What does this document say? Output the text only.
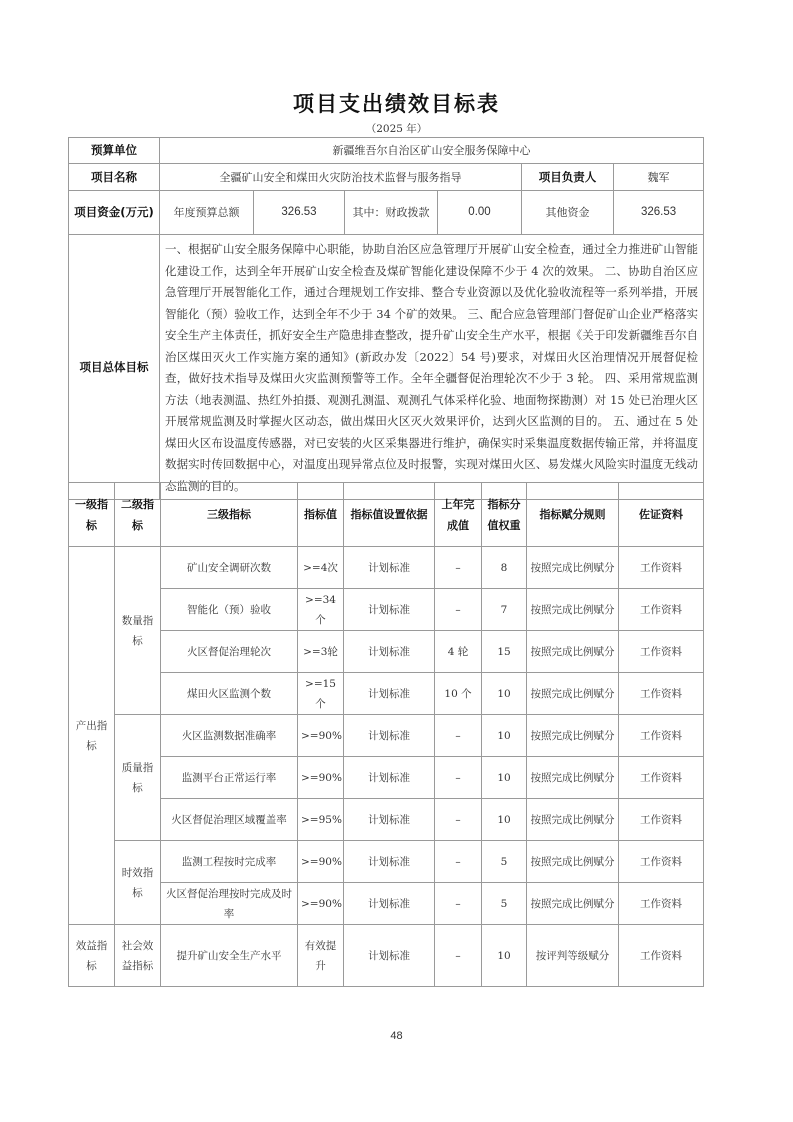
项目支出绩效目标表
（2025 年）
预算单位	新疆维吾尔自治区矿山安全服务保障中心					
项目名称	全疆矿山安全和煤田火灾防治技术监督与服务指导				项目负责人	魏军
项目资金(万元)	年度预算总额	326.53	其中：财政拨款	0.00	其他资金	326.53
项目总体目标	一、根据矿山安全服务保障中心职能，协助自治区应急管理厅开展矿山安全检查，通过全力推进矿山智能化建设工作，达到全年开展矿山安全检查及煤矿智能化建设保障不少于 4 次的效果。 二、协助自治区应急管理厅开展智能化工作，通过合理规划工作安排、整合专业资源以及优化验收流程等一系列举措，开展智能化（预）验收工作，达到全年不少于 34 个矿的效果。 三、配合应急管理部门督促矿山企业严格落实安全生产主体责任，抓好安全生产隐患排查整改，提升矿山安全生产水平，根据《关于印发新疆维吾尔自治区煤田灭火工作实施方案的通知》(新政办发〔2022〕54 号)要求，对煤田火区治理情况开展督促检查，做好技术指导及煤田火灾监测预警等工作。全年全疆督促治理轮次不少于 3 轮。 四、采用常规监测方法（地表测温、热红外拍摄、观测孔测温、观测孔气体采样化验、地面物探勘测）对 15 处已治理火区开展常规监测及时掌握火区动态，做出煤田火区灭火效果评价，达到火区监测的目的。 五、通过在 5 处煤田火区布设温度传感器，对已安装的火区采集器进行维护，确保实时采集温度数据传输正常，并将温度数据实时传回数据中心，对温度出现异常点位及时报警，实现对煤田火区、易发煤火风险实时温度无线动态监测的目的。					
一级指标	二级指标	三级指标	指标值	指标值设置依据	上年完成值	指标分值权重	指标赋分规则	佐证资料
产出指标	数量指标	矿山安全调研次数	>=4次	计划标准	–	8	按照完成比例赋分	工作资料
		智能化（预）验收	>=34个	计划标准	–	7	按照完成比例赋分	工作资料
		火区督促治理轮次	>=3轮	计划标准	4 轮	15	按照完成比例赋分	工作资料
		煤田火区监测个数	>=15个	计划标准	10 个	10	按照完成比例赋分	工作资料
	质量指标	火区监测数据准确率	>=90%	计划标准	–	10	按照完成比例赋分	工作资料
		监测平台正常运行率	>=90%	计划标准	–	10	按照完成比例赋分	工作资料
		火区督促治理区域覆盖率	>=95%	计划标准	–	10	按照完成比例赋分	工作资料
	时效指标	监测工程按时完成率	>=90%	计划标准	–	5	按照完成比例赋分	工作资料
		火区督促治理按时完成及时率	>=90%	计划标准	–	5	按照完成比例赋分	工作资料
效益指标	社会效益指标	提升矿山安全生产水平	有效提升	计划标准	–	10	按评判等级赋分	工作资料
48
